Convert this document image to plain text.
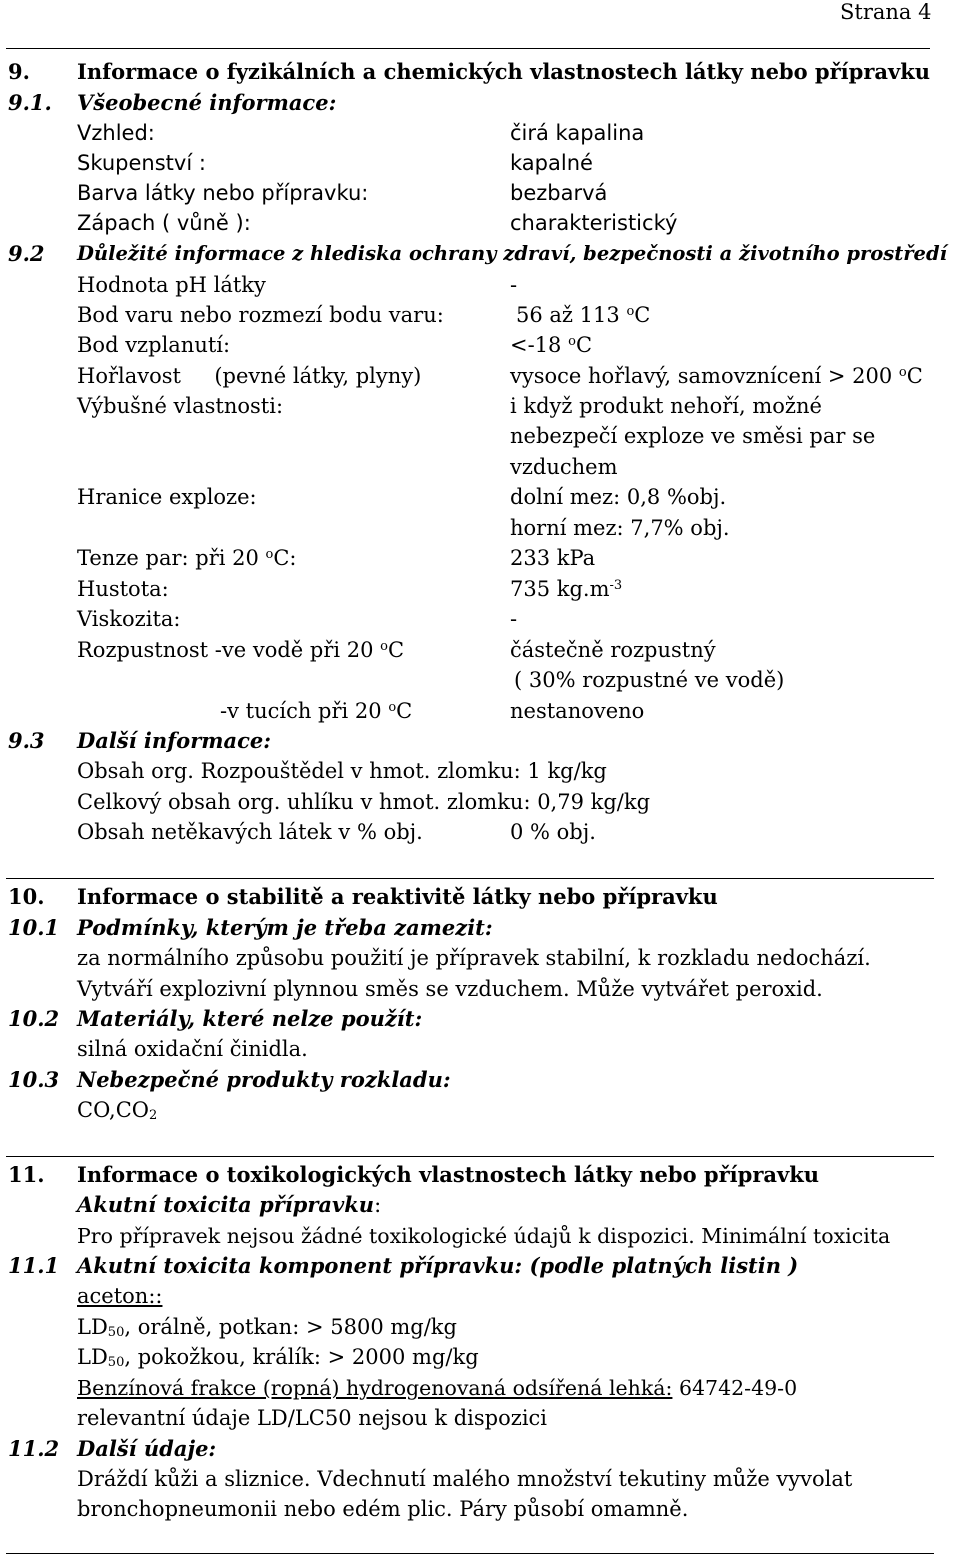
Strana 4
9. Informace o fyzikálních a chemických vlastnostech látky nebo přípravku
9.1. Všeobecné informace:
Vzhled:	čirá kapalina
Skupenství :	kapalné
Barva látky nebo přípravku:	bezbarvá
Zápach ( vůně ):	charakteristický
9.2 Důležité informace z hlediska ochrany zdraví, bezpečnosti a životního prostředí
Hodnota pH látky	-
Bod varu nebo rozmezí bodu varu:	56 až 113 $^o$C
Bod vzplanutí:	<-18 $^o$C
Hořlavost     (pevné látky, plyny)	vysoce hořlavý, samovznícení > 200 $^o$C
Výbušné vlastnosti:	i když produkt nehoří, možné
nebezpečí exploze ve směsi par se
vzduchem
Hranice exploze:	dolní mez: 0,8 %obj.
horní mez: 7,7% obj.
Tenze par: při 20 $^o$C:	233 kPa
Hustota:	735 $kg.m^{-3}$
Viskozita:	-
Rozpustnost -ve vodě při 20 $^o$C	částečně rozpustný
( 30% rozpustné ve vodě)
-v tucích při 20 $^o$C	nestanoveno
9.3 Další informace:
Obsah org. Rozpouštědel v hmot. zlomku: 1 kg/kg
Celkový obsah org. uhlíku v hmot. zlomku: 0,79 kg/kg
Obsah netěkavých látek v % obj.	0 % obj.
10. Informace o stabilitě a reaktivitě látky nebo přípravku
10.1 Podmínky, kterým je třeba zamezit:
za normálního způsobu použití je přípravek stabilní, k rozkladu nedochází.
Vytváří explozivní plynnou směs se vzduchem. Může vytvářet peroxid.
10.2 Materiály, které nelze použít:
silná oxidační činidla.
10.3 Nebezpečné produkty rozkladu:
$CO,CO_2$
11. Informace o toxikologických vlastnostech látky nebo přípravku
Akutní toxicita přípravku:
Pro přípravek nejsou žádné toxikologické údajů k dispozici. Minimální toxicita
11.1 Akutní toxicita komponent přípravku: (podle platných listin )
aceton::
$LD_{50}$, orálně, potkan: > 5800 mg/kg
$LD_{50}$, pokožkou, králík: > 2000 mg/kg
Benzínová frakce (ropná) hydrogenovaná odsířená lehká: 64742-49-0
relevantní údaje LD/LC50 nejsou k dispozici
11.2 Další údaje:
Dráždí kůži a sliznice. Vdechnutí malého množství tekutiny může vyvolat
bronchopneumonii nebo edém plic. Páry působí omamně.
